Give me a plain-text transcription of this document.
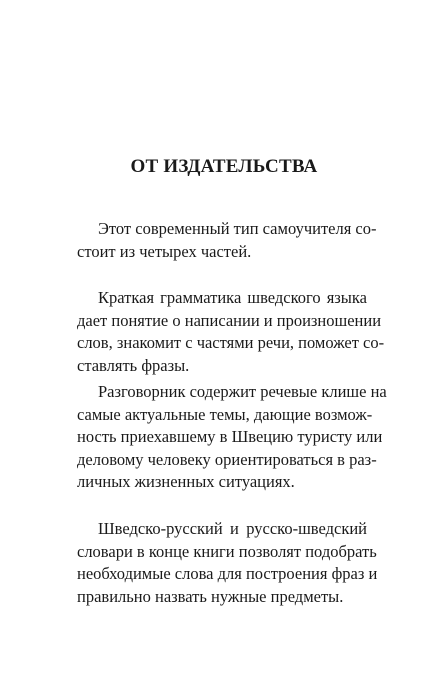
ОТ ИЗДАТЕЛЬСТВА
Этот современный тип самоучителя со-
стоит из четырех частей.
Краткая грамматика шведского языка
дает понятие о написании и произношении
слов, знакомит с частями речи, поможет со-
ставлять фразы.
Разговорник содержит речевые клише на
самые актуальные темы, дающие возмож-
ность приехавшему в Швецию туристу или
деловому человеку ориентироваться в раз-
личных жизненных ситуациях.
Шведско-русский и русско-шведский
словари в конце книги позволят подобрать
необходимые слова для построения фраз и
правильно назвать нужные предметы.
